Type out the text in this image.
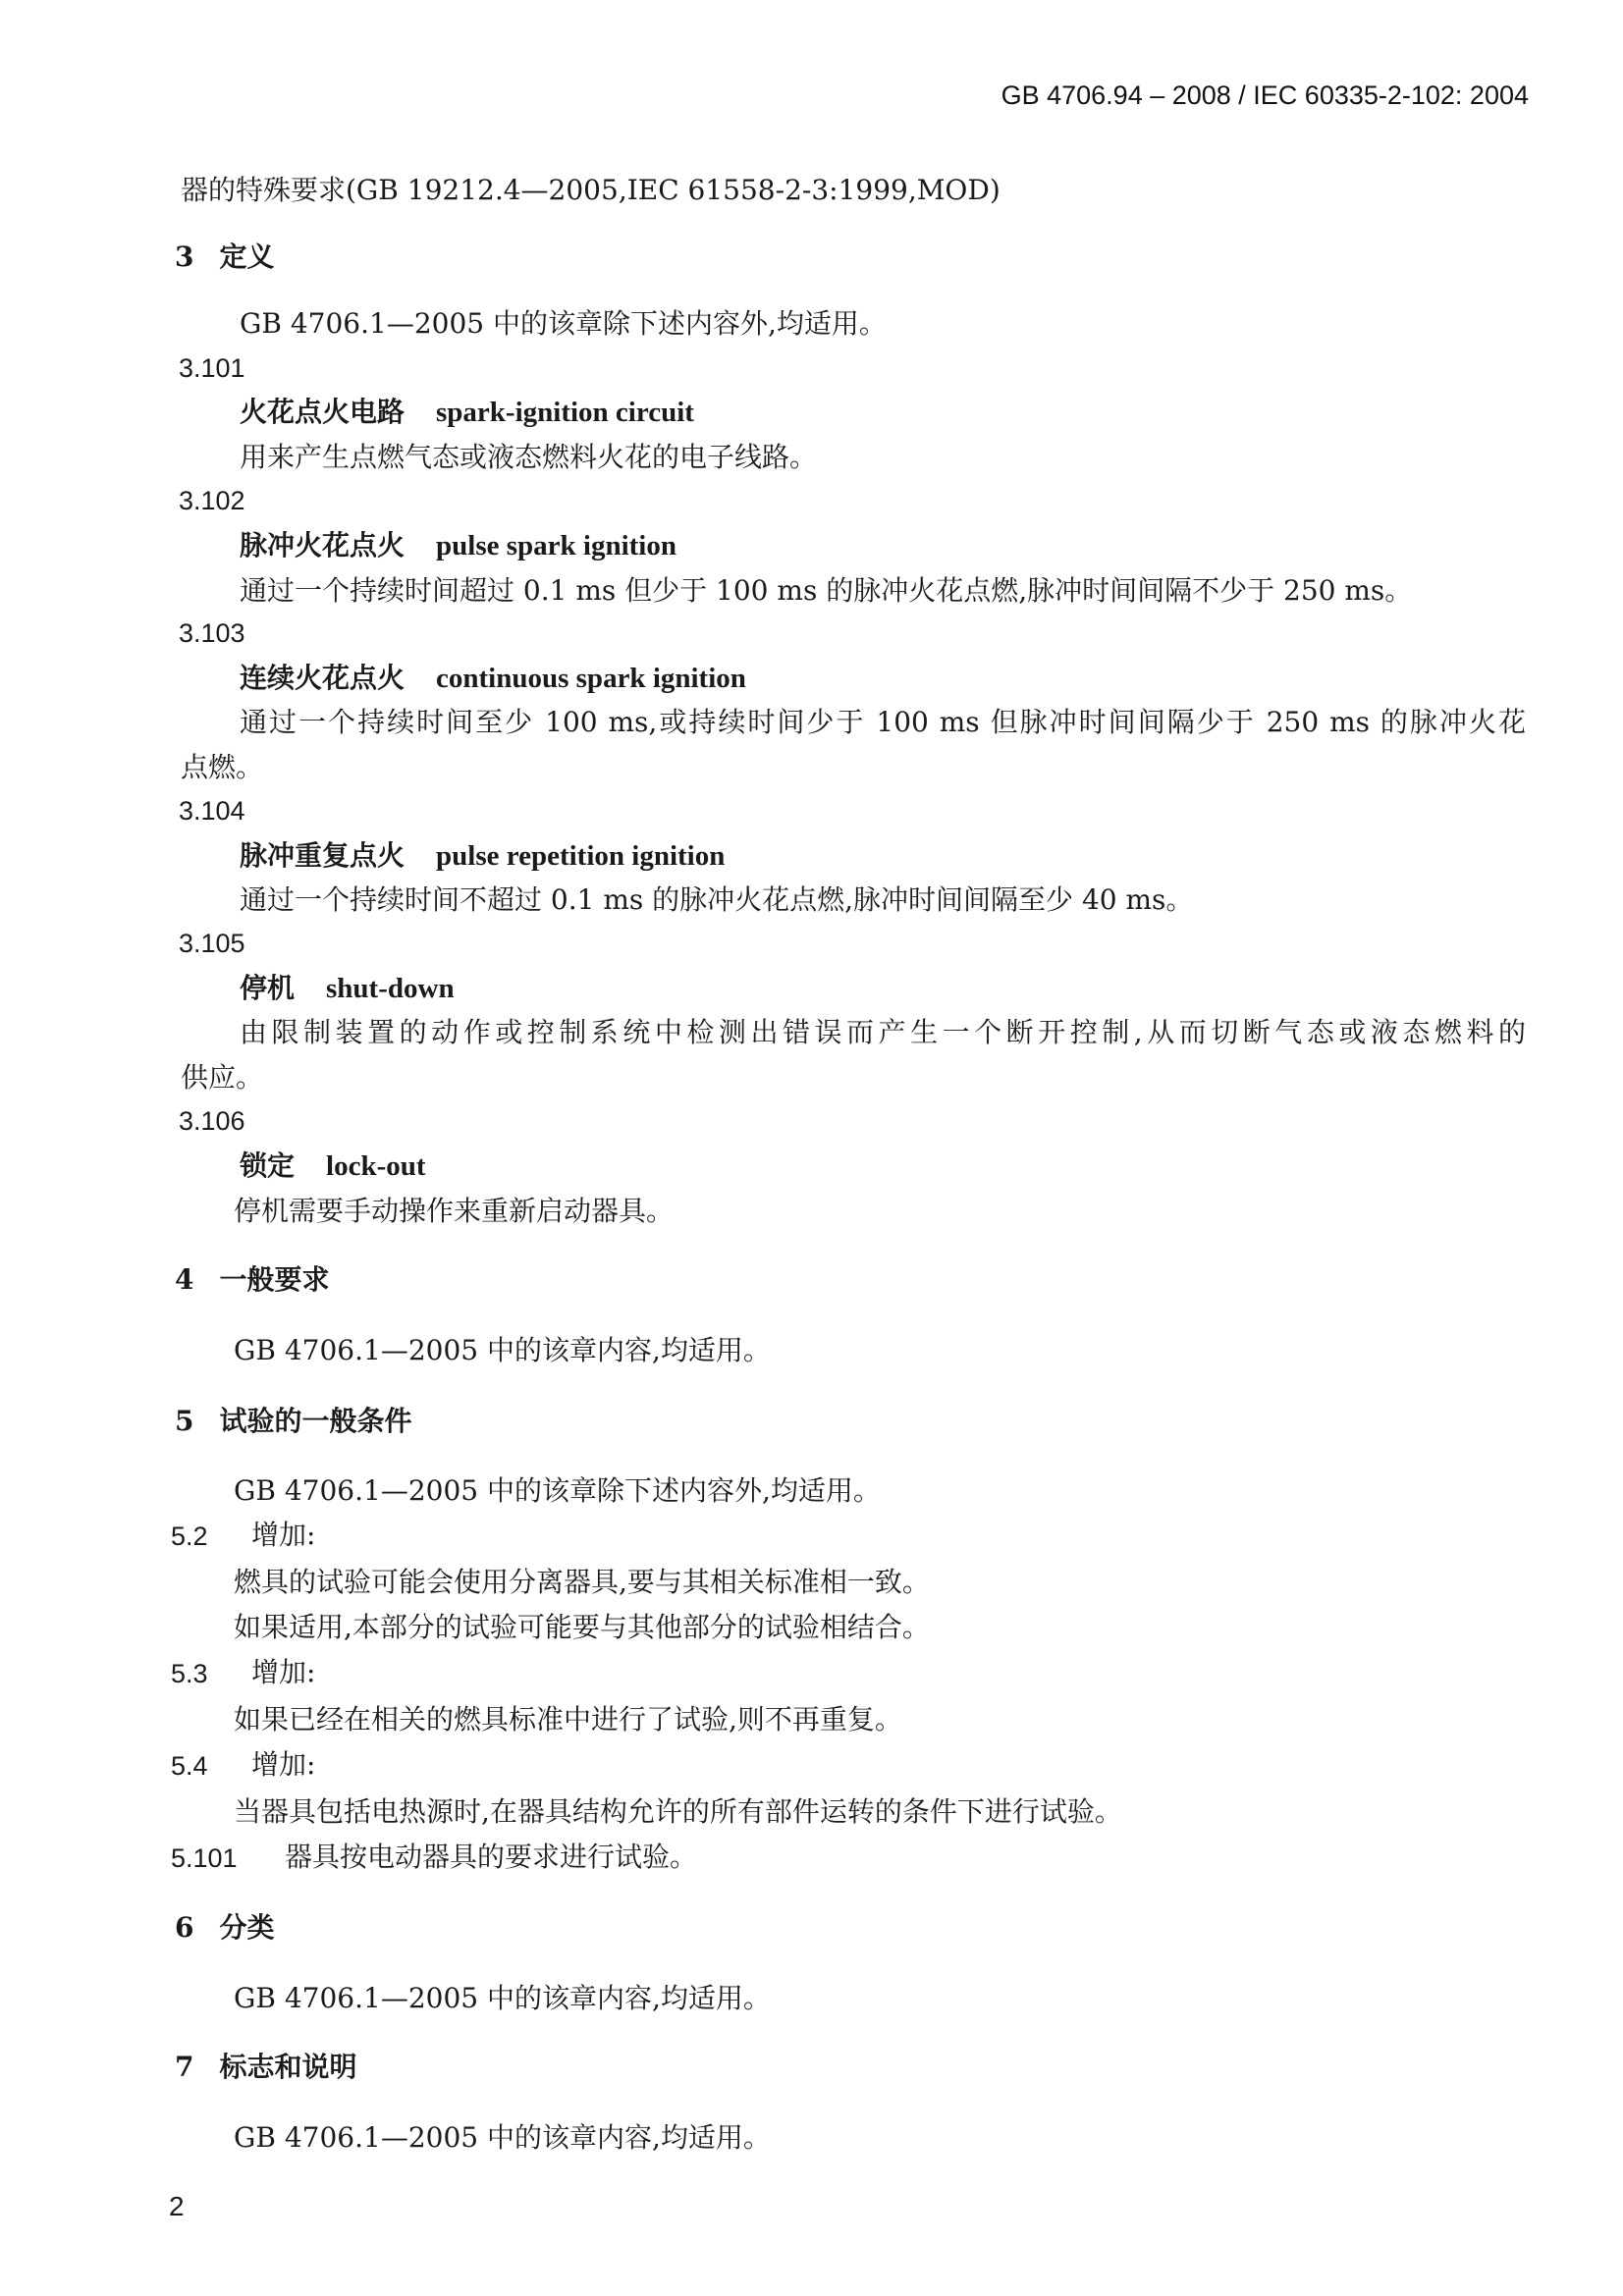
GB 4706.94 – 2008 / IEC 60335-2-102: 2004
器的特殊要求(GB 19212.4—2005,IEC 61558-2-3:1999,MOD)
3 定义
GB 4706.1—2005 中的该章除下述内容外,均适用。
3.101
火花点火电路 spark-ignition circuit
用来产生点燃气态或液态燃料火花的电子线路。
3.102
脉冲火花点火 pulse spark ignition
通过一个持续时间超过 0.1 ms 但少于 100 ms 的脉冲火花点燃,脉冲时间间隔不少于 250 ms。
3.103
连续火花点火 continuous spark ignition
通过一个持续时间至少 100 ms,或持续时间少于 100 ms 但脉冲时间间隔少于 250 ms 的脉冲火花
点燃。
3.104
脉冲重复点火 pulse repetition ignition
通过一个持续时间不超过 0.1 ms 的脉冲火花点燃,脉冲时间间隔至少 40 ms。
3.105
停机 shut-down
由限制装置的动作或控制系统中检测出错误而产生一个断开控制,从而切断气态或液态燃料的
供应。
3.106
锁定 lock-out
停机需要手动操作来重新启动器具。
4 一般要求
GB 4706.1—2005 中的该章内容,均适用。
5 试验的一般条件
GB 4706.1—2005 中的该章除下述内容外,均适用。
5.2 增加:
燃具的试验可能会使用分离器具,要与其相关标准相一致。
如果适用,本部分的试验可能要与其他部分的试验相结合。
5.3 增加:
如果已经在相关的燃具标准中进行了试验,则不再重复。
5.4 增加:
当器具包括电热源时,在器具结构允许的所有部件运转的条件下进行试验。
5.101 器具按电动器具的要求进行试验。
6 分类
GB 4706.1—2005 中的该章内容,均适用。
7 标志和说明
GB 4706.1—2005 中的该章内容,均适用。
2
